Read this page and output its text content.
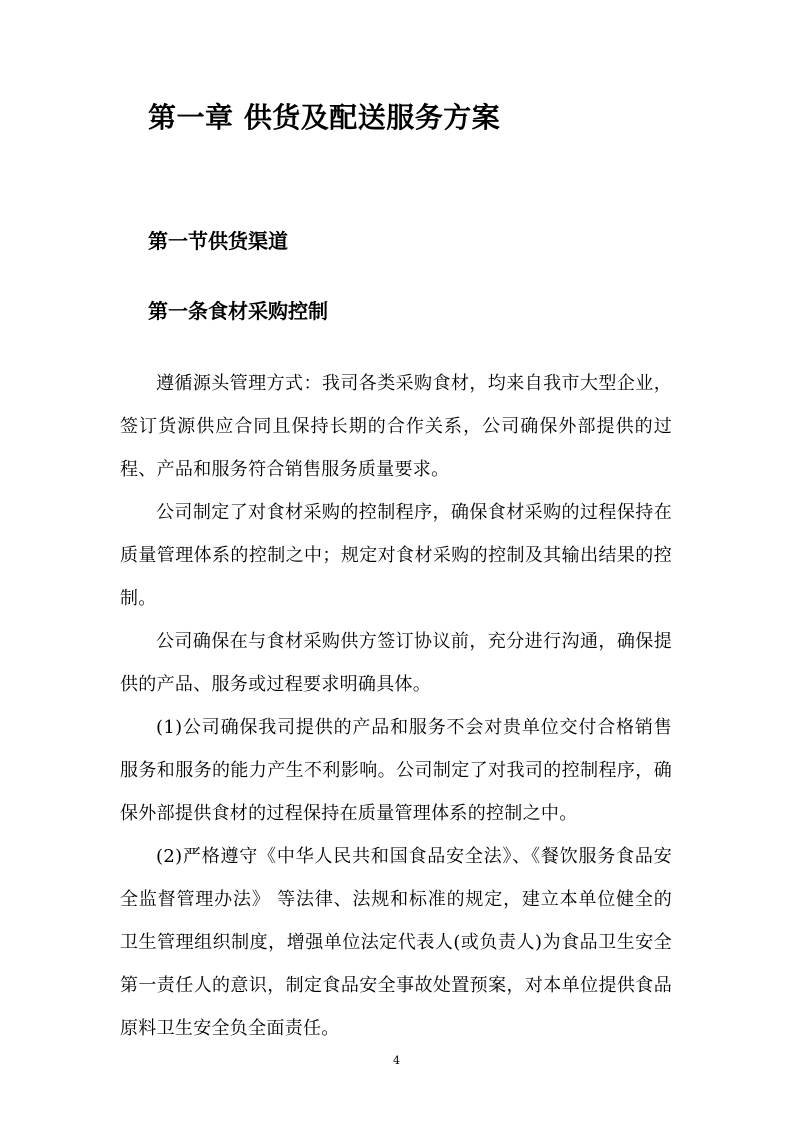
第一章 供货及配送服务方案
第一节供货渠道
第一条食材采购控制

遵循源头管理方式：我司各类采购食材，均来自我市大型企业，签订货源供应合同且保持长期的合作关系，公司确保外部提供的过程、产品和服务符合销售服务质量要求。

公司制定了对食材采购的控制程序，确保食材采购的过程保持在质量管理体系的控制之中；规定对食材采购的控制及其输出结果的控制。

公司确保在与食材采购供方签订协议前，充分进行沟通，确保提供的产品、服务或过程要求明确具体。

(1)公司确保我司提供的产品和服务不会对贵单位交付合格销售服务和服务的能力产生不利影响。公司制定了对我司的控制程序，确保外部提供食材的过程保持在质量管理体系的控制之中。

(2)严格遵守《中华人民共和国食品安全法》、《餐饮服务食品安全监督管理办法》 等法律、法规和标准的规定，建立本单位健全的卫生管理组织制度，增强单位法定代表人(或负责人)为食品卫生安全第一责任人的意识，制定食品安全事故处置预案，对本单位提供食品原料卫生安全负全面责任。

4
